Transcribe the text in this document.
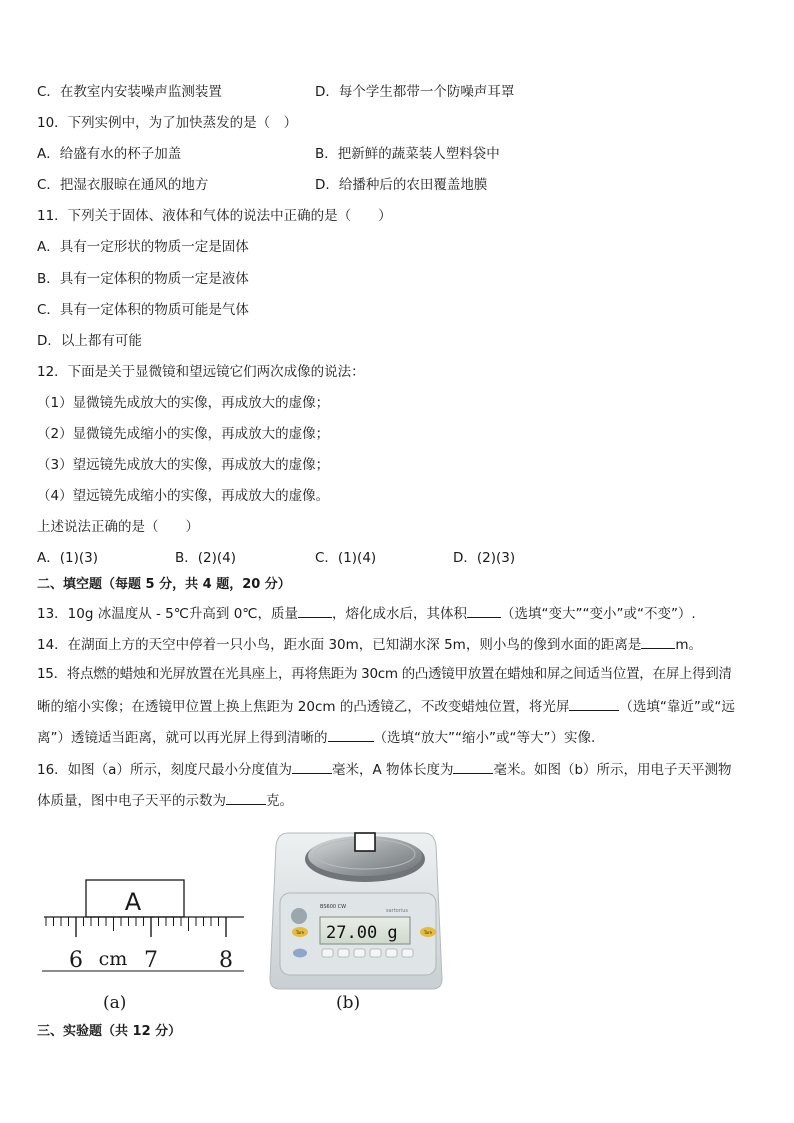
C．在教室内安装噪声监测装置	D．每个学生都带一个防噪声耳罩
10．下列实例中，为了加快蒸发的是（　）
A．给盛有水的杯子加盖	B．把新鲜的蔬菜装人塑料袋中
C．把湿衣服晾在通风的地方	D．给播种后的农田覆盖地膜
11．下列关于固体、液体和气体的说法中正确的是（　　）
A．具有一定形状的物质一定是固体
B．具有一定体积的物质一定是液体
C．具有一定体积的物质可能是气体
D．以上都有可能
12．下面是关于显微镜和望远镜它们两次成像的说法：
（1）显微镜先成放大的实像，再成放大的虚像；
（2）显微镜先成缩小的实像，再成放大的虚像；
（3）望远镜先成放大的实像，再成放大的虚像；
（4）望远镜先成缩小的实像，再成放大的虚像。
上述说法正确的是（　　）
A．(1)(3)	B．(2)(4)	C．(1)(4)	D．(2)(3)
二、填空题（每题 5 分，共 4 题，20 分）
13．10g 冰温度从 - 5℃升高到 0℃，质量	，熔化成水后，其体积	（选填“变大”“变小”或“不变”）.
14．在湖面上方的天空中停着一只小鸟，距水面 30m，已知湖水深 5m，则小鸟的像到水面的距离是	m。
15．将点燃的蜡烛和光屏放置在光具座上，再将焦距为 30cm 的凸透镜甲放置在蜡烛和屏之间适当位置，在屏上得到清
晰的缩小实像；在透镜甲位置上换上焦距为 20cm 的凸透镜乙，不改变蜡烛位置，将光屏	（选填“靠近”或“远
离”）透镜适当距离，就可以再光屏上得到清晰的	（选填“放大”“缩小”或“等大”）实像.
16．如图（a）所示，刻度尺最小分度值为	毫米，A 物体长度为	毫米。如图（b）所示，用电子天平测物
体质量，图中电子天平的示数为	克。
A
6 cm 7	8
(a)
BS600 CW
sartorius
27.00 g
Tare	Tare
(b)
三、实验题（共 12 分）
